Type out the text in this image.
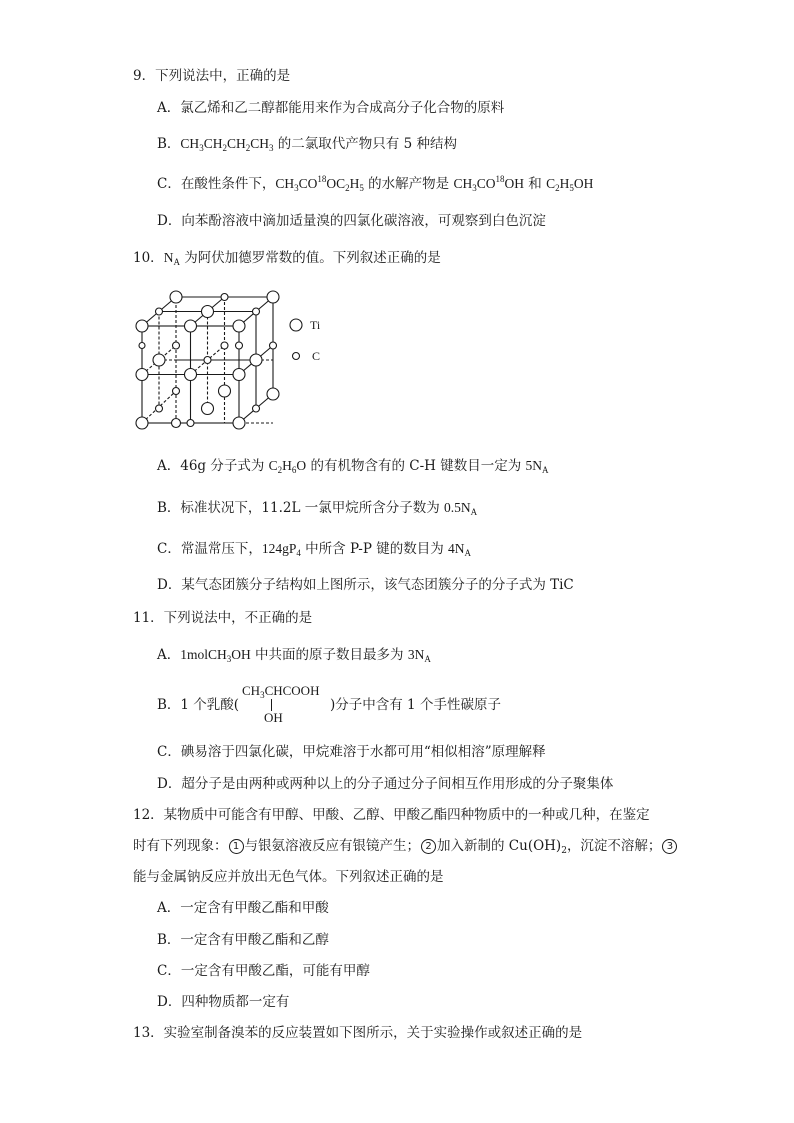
9．下列说法中，正确的是
A．氯乙烯和乙二醇都能用来作为合成高分子化合物的原料
B．$CH_3CH_2CH_2CH_3$ 的二氯取代产物只有 5 种结构
C．在酸性条件下，$CH_3CO^{18}OC_2H_5$ 的水解产物是 $CH_3CO^{18}OH$ 和 $C_2H_5OH$
D．向苯酚溶液中滴加适量溴的四氯化碳溶液，可观察到白色沉淀
10．$N_A$ 为阿伏加德罗常数的值。下列叙述正确的是
Ti
C
A．46g 分子式为 $C_2H_6O$ 的有机物含有的 C-H 键数目一定为 $5N_A$
B．标准状况下，11.2L 一氯甲烷所含分子数为 $0.5N_A$
C．常温常压下，$124gP_4$ 中所含 P-P 键的数目为 $4N_A$
D．某气态团簇分子结构如上图所示，该气态团簇分子的分子式为 TiC
11．下列说法中，不正确的是
A．1molCH$_3$OH 中共面的原子数目最多为 $3N_A$
B．1 个乳酸(
$CH_3CHCOOH$
OH
)分子中含有 1 个手性碳原子
C．碘易溶于四氯化碳，甲烷难溶于水都可用“相似相溶”原理解释
D．超分子是由两种或两种以上的分子通过分子间相互作用形成的分子聚集体
12．某物质中可能含有甲醇、甲酸、乙醇、甲酸乙酯四种物质中的一种或几种，在鉴定
时有下列现象： 1 与银氨溶液反应有银镜产生； 2 加入新制的 $Cu(OH)_2$，沉淀不溶解； 3
能与金属钠反应并放出无色气体。下列叙述正确的是
A．一定含有甲酸乙酯和甲酸
B．一定含有甲酸乙酯和乙醇
C．一定含有甲酸乙酯，可能有甲醇
D．四种物质都一定有
13．实验室制备溴苯的反应装置如下图所示，关于实验操作或叙述正确的是
